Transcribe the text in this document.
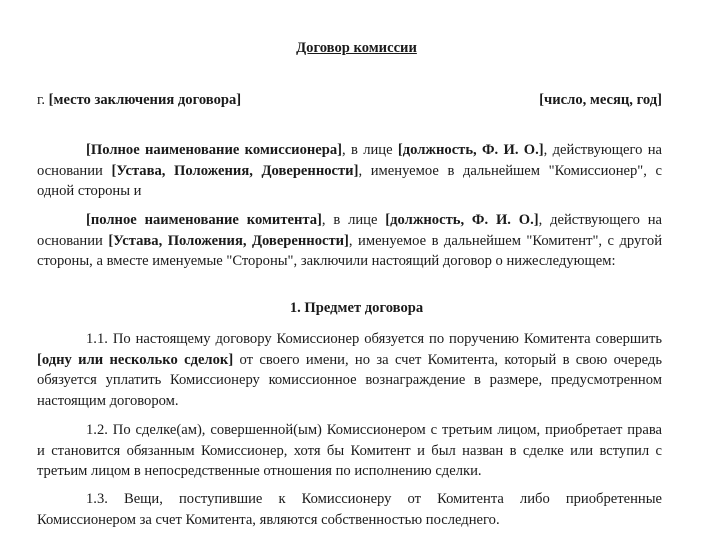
Договор комиссии
г. [место заключения договора]	[число, месяц, год]

[Полное наименование комиссионера], в лице [должность, Ф. И. О.], действующего на основании [Устава, Положения, Доверенности], именуемое в дальнейшем "Комиссионер", с одной стороны и

[полное наименование комитента], в лице [должность, Ф. И. О.], действующего на основании [Устава, Положения, Доверенности], именуемое в дальнейшем "Комитент", с другой стороны, а вместе именуемые "Стороны", заключили настоящий договор о нижеследующем:

1. Предмет договора

1.1. По настоящему договору Комиссионер обязуется по поручению Комитента совершить [одну или несколько сделок] от своего имени, но за счет Комитента, который в свою очередь обязуется уплатить Комиссионеру комиссионное вознаграждение в размере, предусмотренном настоящим договором.

1.2. По сделке(ам), совершенной(ым) Комиссионером с третьим лицом, приобретает права и становится обязанным Комиссионер, хотя бы Комитент и был назван в сделке или вступил с третьим лицом в непосредственные отношения по исполнению сделки.

1.3. Вещи, поступившие к Комиссионеру от Комитента либо приобретенные Комиссионером за счет Комитента, являются собственностью последнего.
